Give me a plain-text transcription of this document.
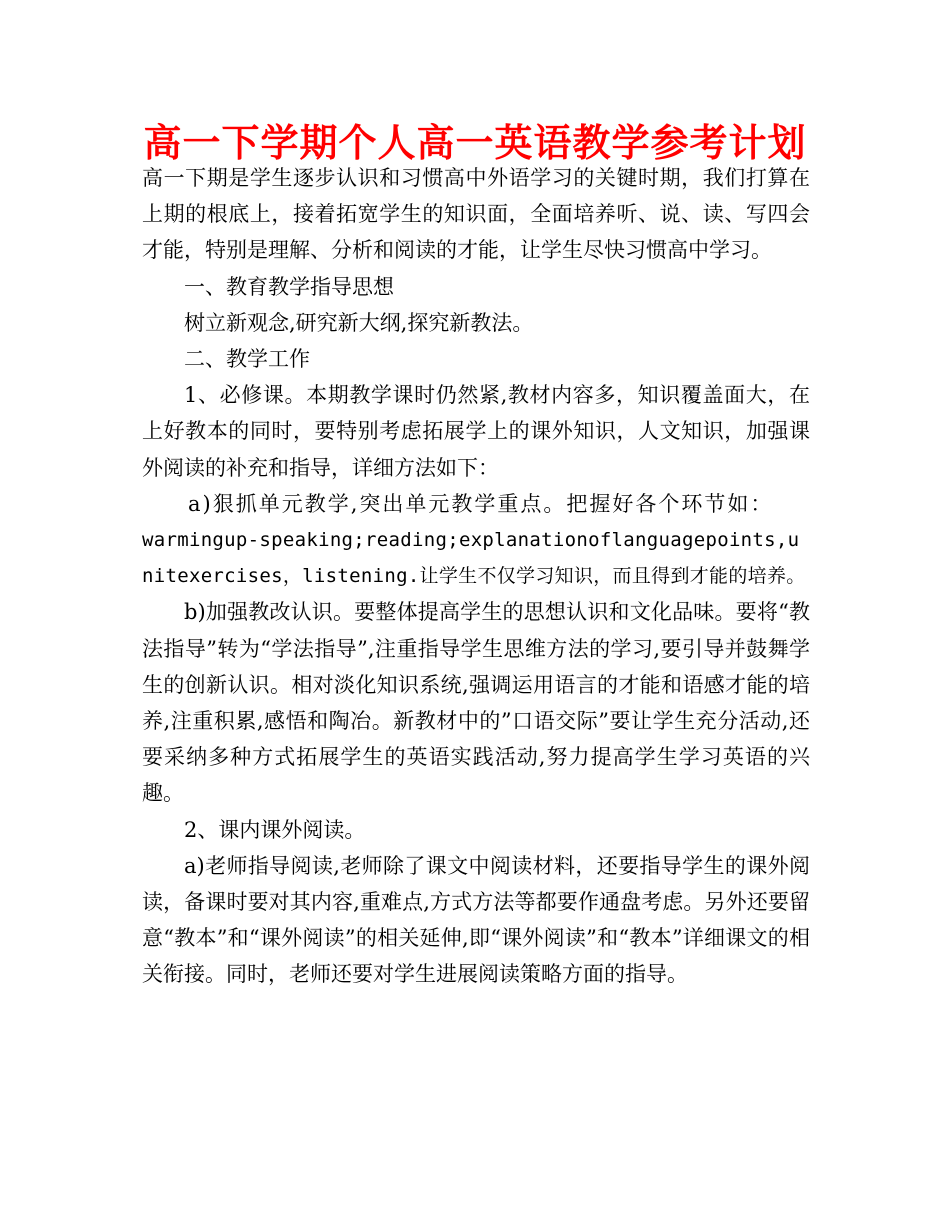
高一下学期个人高一英语教学参考计划

高一下期是学生逐步认识和习惯高中外语学习的关键时期，我们打算在上期的根底上，接着拓宽学生的知识面，全面培养听、说、读、写四会才能，特别是理解、分析和阅读的才能，让学生尽快习惯高中学习。

一、教育教学指导思想

树立新观念,研究新大纲,探究新教法。

二、教学工作

1、必修课。本期教学课时仍然紧,教材内容多，知识覆盖面大，在上好教本的同时，要特别考虑拓展学上的课外知识，人文知识，加强课外阅读的补充和指导，详细方法如下：

a)狠抓单元教学,突出单元教学重点。把握好各个环节如：

warmingup-speaking;reading;explanationoflanguagepoints,unitexercises，listening.让学生不仅学习知识，而且得到才能的培养。

b)加强教改认识。要整体提高学生的思想认识和文化品味。要将“教法指导”转为“学法指导”,注重指导学生思维方法的学习,要引导并鼓舞学生的创新认识。相对淡化知识系统,强调运用语言的才能和语感才能的培养,注重积累,感悟和陶冶。新教材中的”口语交际”要让学生充分活动,还要采纳多种方式拓展学生的英语实践活动,努力提高学生学习英语的兴趣。

2、课内课外阅读。

a)老师指导阅读,老师除了课文中阅读材料，还要指导学生的课外阅读，备课时要对其内容,重难点,方式方法等都要作通盘考虑。另外还要留意“教本”和“课外阅读”的相关延伸,即“课外阅读”和“教本”详细课文的相关衔接。同时，老师还要对学生进展阅读策略方面的指导。
